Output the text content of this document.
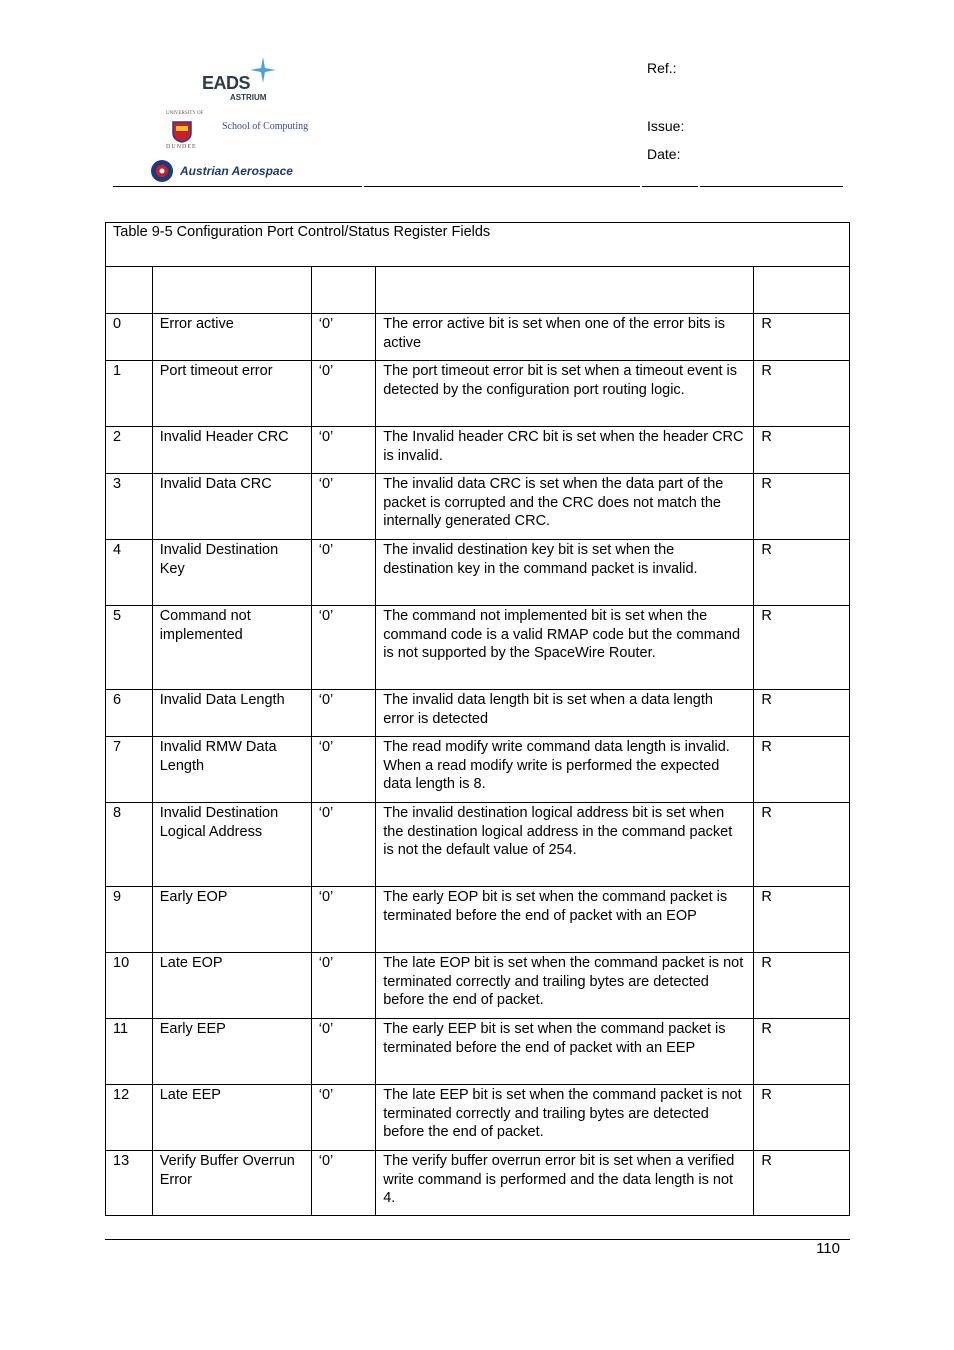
EADS
ASTRIUM
UNIVERSITY OF
DUNDEE
School of Computing
Austrian Aerospace
Ref.:
Issue:
Date:
Table 9-5 Configuration Port Control/Status Register Fields				

0	Error active	‘0’	The error active bit is set when one of the error bits is active	R
1	Port timeout error	‘0’	The port timeout error bit is set when a timeout event is detected by the configuration port routing logic.	R
2	Invalid Header CRC	‘0’	The Invalid header CRC bit is set when the header CRC is invalid.	R
3	Invalid Data CRC	‘0’	The invalid data CRC is set when the data part of the packet is corrupted and the CRC does not match the internally generated CRC.	R
4	Invalid Destination Key	‘0’	The invalid destination key bit is set when the destination key in the command packet is invalid.	R
5	Command not implemented	‘0’	The command not implemented bit is set when the command code is a valid RMAP code but the command is not supported by the SpaceWire Router.	R
6	Invalid Data Length	‘0’	The invalid data length bit is set when a data length error is detected	R
7	Invalid RMW Data Length	‘0’	The read modify write command data length is invalid. When a read modify write is performed the expected data length is 8.	R
8	Invalid Destination Logical Address	‘0’	The invalid destination logical address bit is set when the destination logical address in the command packet is not the default value of 254.	R
9	Early EOP	‘0’	The early EOP bit is set when the command packet is terminated before the end of packet with an EOP	R
10	Late EOP	‘0’	The late EOP bit is set when the command packet is not terminated correctly and trailing bytes are detected before the end of packet.	R
11	Early EEP	‘0’	The early EEP bit is set when the command packet is terminated before the end of packet with an EEP	R
12	Late EEP	‘0’	The late EEP bit is set when the command packet is not terminated correctly and trailing bytes are detected before the end of packet.	R
13	Verify Buffer Overrun Error	‘0’	The verify buffer overrun error bit is set when a verified write command is performed and the data length is not 4.	R
110
